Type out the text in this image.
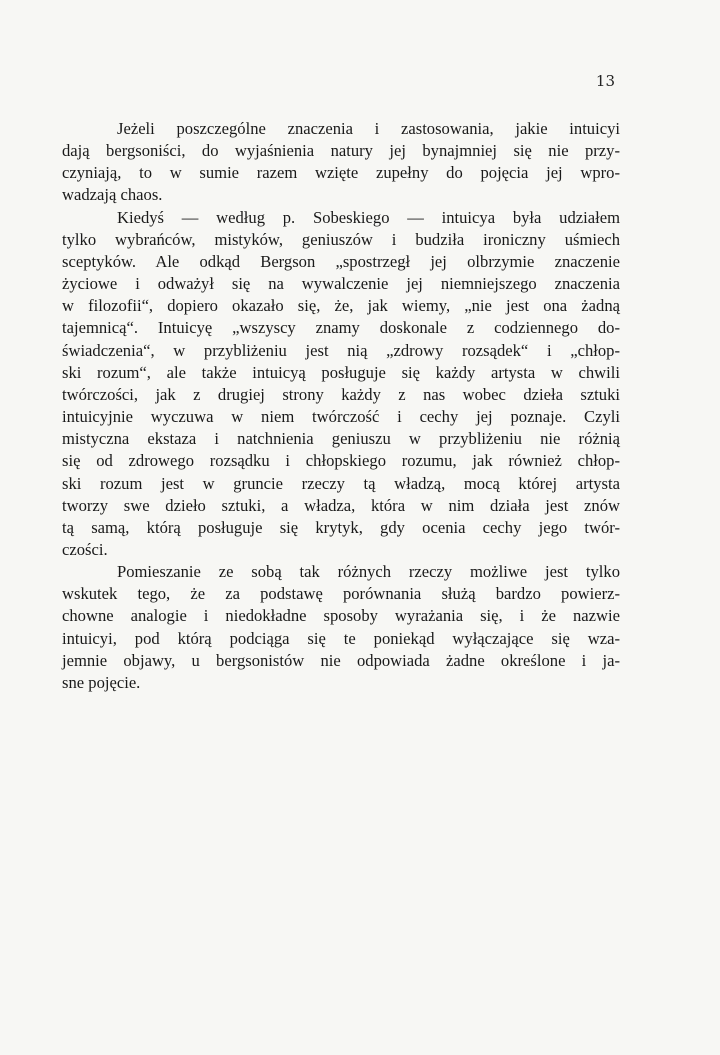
13

Jeżeli poszczególne znaczenia i zastosowania, jakie intuicyi
dają bergsoniści, do wyjaśnienia natury jej bynajmniej się nie przy-
czyniają, to w sumie razem wzięte zupełny do pojęcia jej wpro-
wadzają chaos.

Kiedyś — według p. Sobeskiego — intuicya była udziałem
tylko wybrańców, mistyków, geniuszów i budziła ironiczny uśmiech
sceptyków. Ale odkąd Bergson „spostrzegł jej olbrzymie znaczenie
życiowe i odważył się na wywalczenie jej niemniejszego znaczenia
w filozofii“, dopiero okazało się, że, jak wiemy, „nie jest ona żadną
tajemnicą“. Intuicyę „wszyscy znamy doskonale z codziennego do-
świadczenia“, w przybliżeniu jest nią „zdrowy rozsądek“ i „chłop-
ski rozum“, ale także intuicyą posługuje się każdy artysta w chwili
twórczości, jak z drugiej strony każdy z nas wobec dzieła sztuki
intuicyjnie wyczuwa w niem twórczość i cechy jej poznaje. Czyli
mistyczna ekstaza i natchnienia geniuszu w przybliżeniu nie różnią
się od zdrowego rozsądku i chłopskiego rozumu, jak również chłop-
ski rozum jest w gruncie rzeczy tą władzą, mocą której artysta
tworzy swe dzieło sztuki, a władza, która w nim działa jest znów
tą samą, którą posługuje się krytyk, gdy ocenia cechy jego twór-
czości.

Pomieszanie ze sobą tak różnych rzeczy możliwe jest tylko
wskutek tego, że za podstawę porównania służą bardzo powierz-
chowne analogie i niedokładne sposoby wyrażania się, i że nazwie
intuicyi, pod którą podciąga się te poniekąd wyłączające się wza-
jemnie objawy, u bergsonistów nie odpowiada żadne określone i ja-
sne pojęcie.
